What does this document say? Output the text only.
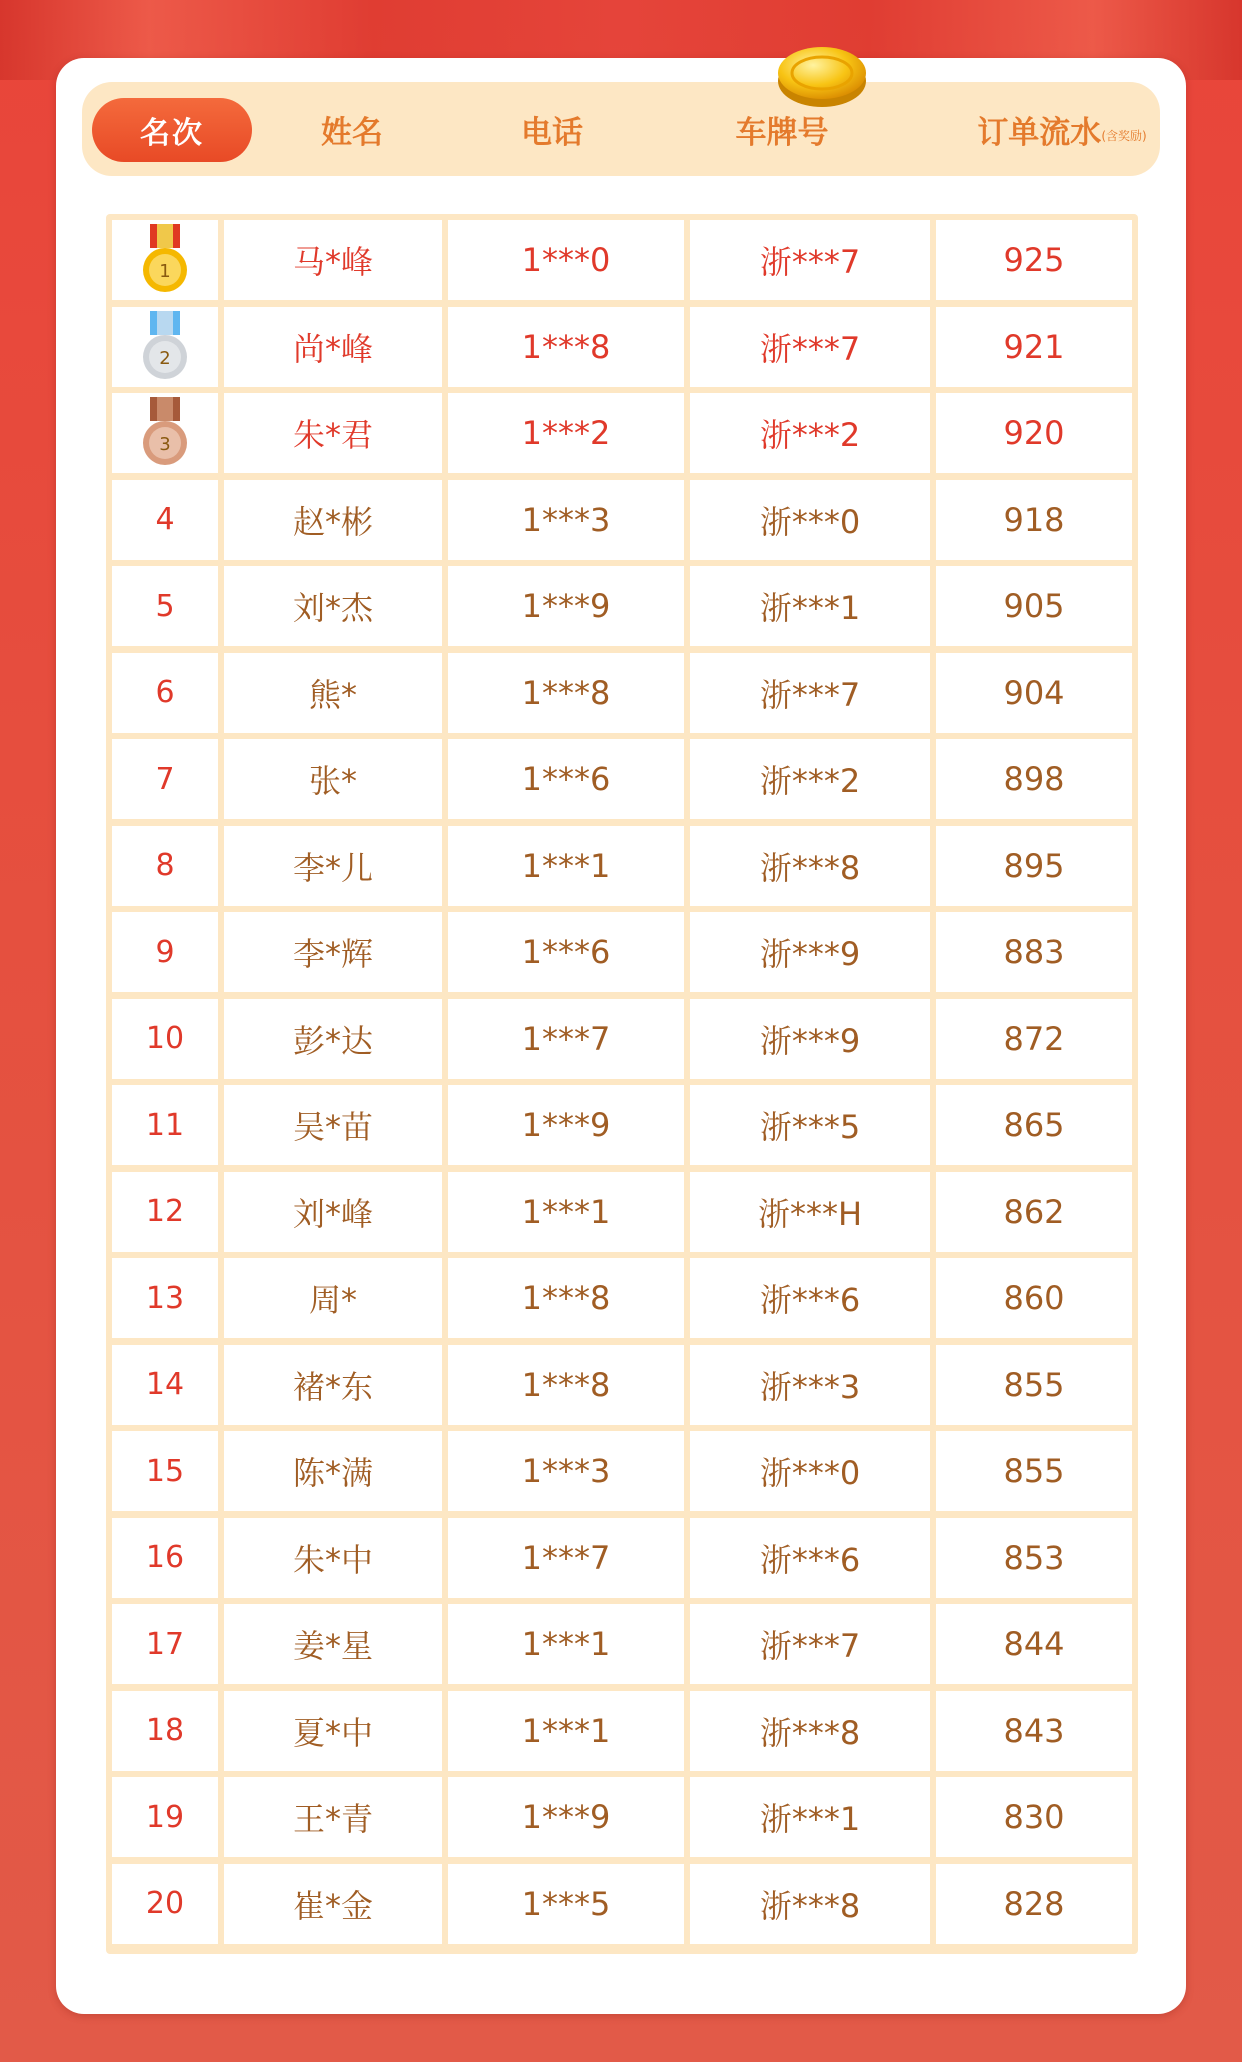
名次	姓名	电话	车牌号	订单流水 (含奖励)
1	马*峰	1***0	浙***7	925
2	尚*峰	1***8	浙***7	921
3	朱*君	1***2	浙***2	920
4	赵*彬	1***3	浙***0	918
5	刘*杰	1***9	浙***1	905
6	熊*	1***8	浙***7	904
7	张*	1***6	浙***2	898
8	李*儿	1***1	浙***8	895
9	李*辉	1***6	浙***9	883
10	彭*达	1***7	浙***9	872
11	吴*苗	1***9	浙***5	865
12	刘*峰	1***1	浙***H	862
13	周*	1***8	浙***6	860
14	褚*东	1***8	浙***3	855
15	陈*满	1***3	浙***0	855
16	朱*中	1***7	浙***6	853
17	姜*星	1***1	浙***7	844
18	夏*中	1***1	浙***8	843
19	王*青	1***9	浙***1	830
20	崔*金	1***5	浙***8	828
